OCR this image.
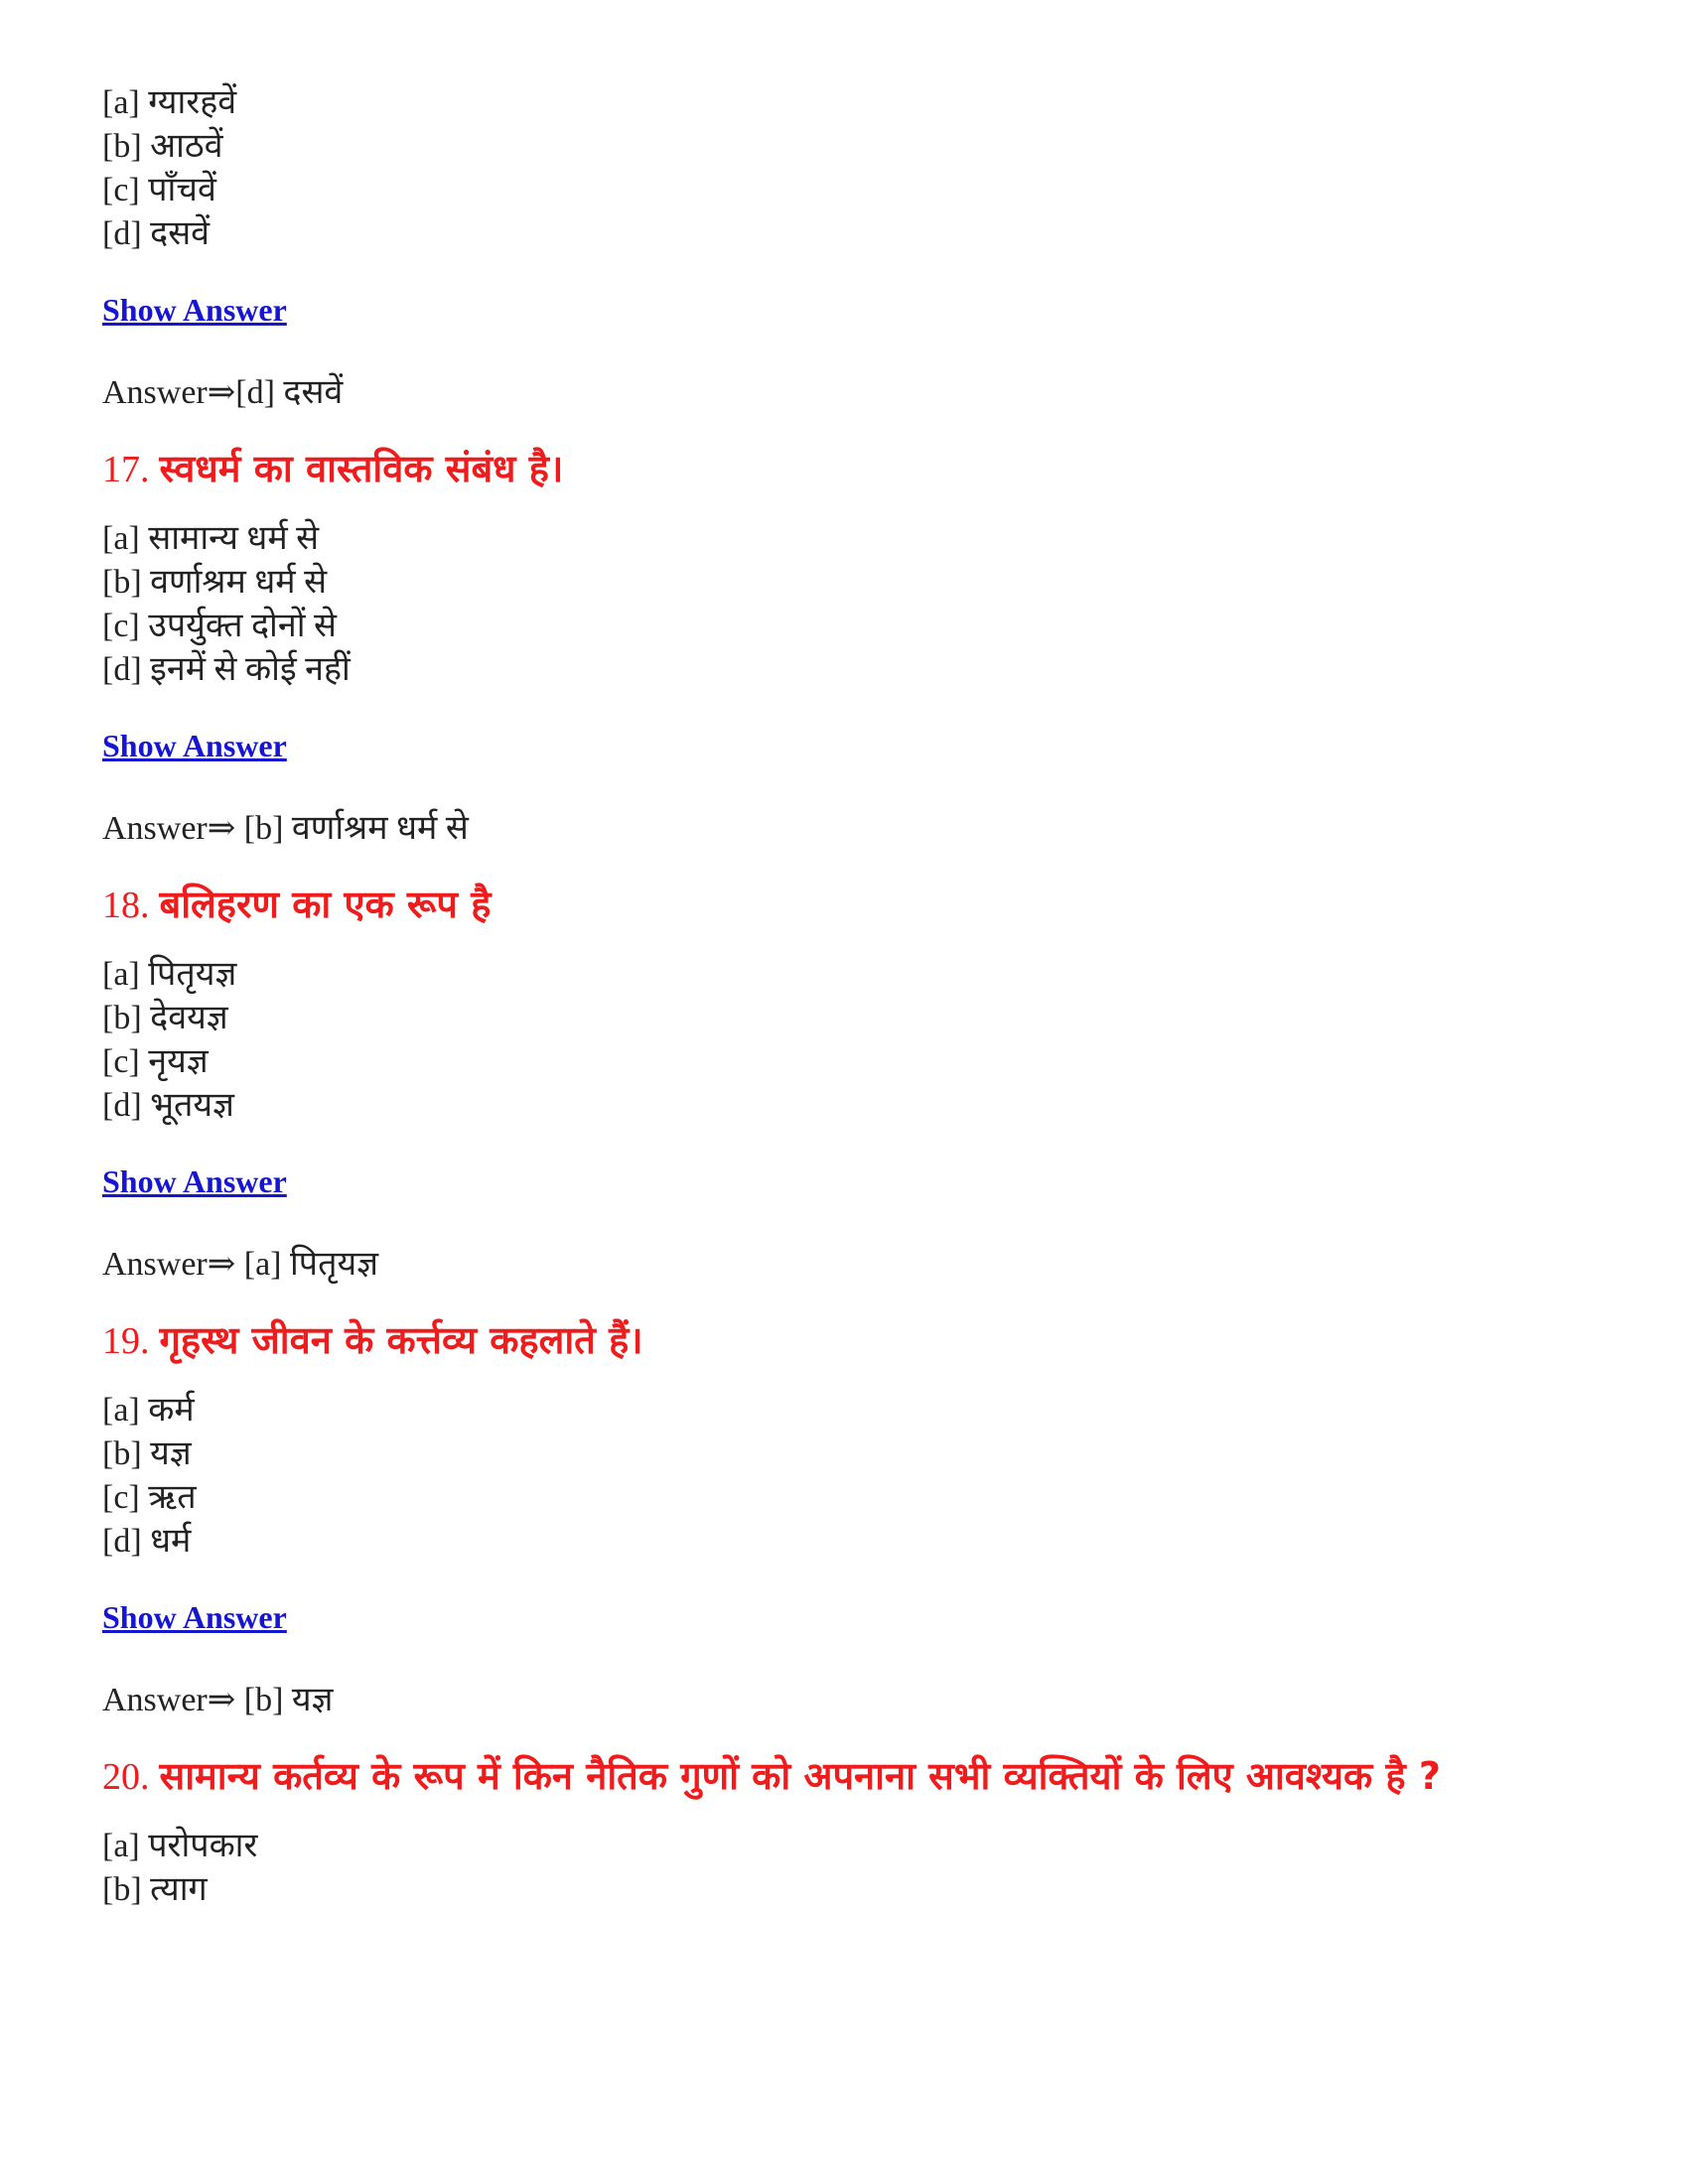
[a] ग्यारहवें
[b] आठवें
[c] पाँचवें
[d] दसवें
Show Answer
Answer⇒[d] दसवें
17. स्वधर्म का वास्तविक संबंध है।
[a] सामान्य धर्म से
[b] वर्णाश्रम धर्म से
[c] उपर्युक्त दोनों से
[d] इनमें से कोई नहीं
Show Answer
Answer⇒ [b] वर्णाश्रम धर्म से
18. बलिहरण का एक रूप है
[a] पितृयज्ञ
[b] देवयज्ञ
[c] नृयज्ञ
[d] भूतयज्ञ
Show Answer
Answer⇒ [a] पितृयज्ञ
19. गृहस्थ जीवन के कर्त्तव्य कहलाते हैं।
[a] कर्म
[b] यज्ञ
[c] ऋत
[d] धर्म
Show Answer
Answer⇒ [b] यज्ञ
20. सामान्य कर्तव्य के रूप में किन नैतिक गुणों को अपनाना सभी व्यक्तियों के लिए आवश्यक है ?
[a] परोपकार
[b] त्याग
